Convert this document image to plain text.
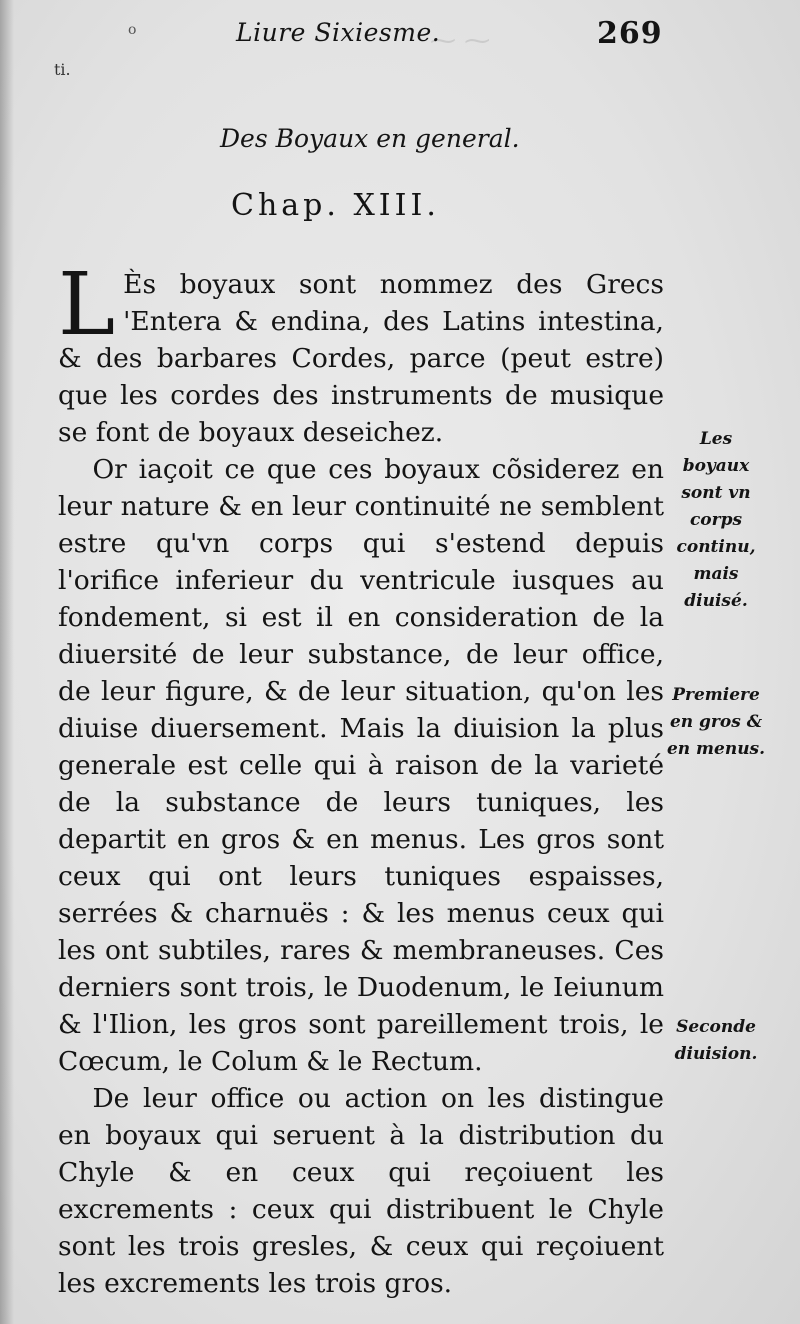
⁓ ⁓
o	Liure Sixiesme.	269
ti.
Des Boyaux en general.
Chap. XIII.

L Ès boyaux sont nommez des Grecs 'Entera & endina, des Latins intestina, & des barbares Cordes, parce (peut estre) que les cordes des instruments de musique se font de boyaux deseichez.

Or iaçoit ce que ces boyaux cõsiderez en leur nature & en leur continuité ne semblent estre qu'vn corps qui s'estend depuis l'orifice inferieur du ventricule iusques au fondement, si est il en consideration de la diuersité de leur substance, de leur office, de leur figure, & de leur situation, qu'on les diuise diuersement. Mais la diuision la plus generale est celle qui à raison de la varieté de la substance de leurs tuniques, les departit en gros & en menus. Les gros sont ceux qui ont leurs tuniques espaisses, serrées & charnuës : & les menus ceux qui les ont subtiles, rares & membraneuses. Ces derniers sont trois, le Duodenum, le Ieiunum & l'Ilion, les gros sont pareillement trois, le Cœcum, le Colum & le Rectum.

De leur office ou action on les distingue en boyaux qui seruent à la distribution du Chyle & en ceux qui reçoiuent les excrements : ceux qui distribuent le Chyle sont les trois gresles, & ceux qui reçoiuent les excrements les trois gros.

Les boyaux sont vn corps continu, mais diuisé.
Premiere en gros & en menus.
Seconde diuision.
